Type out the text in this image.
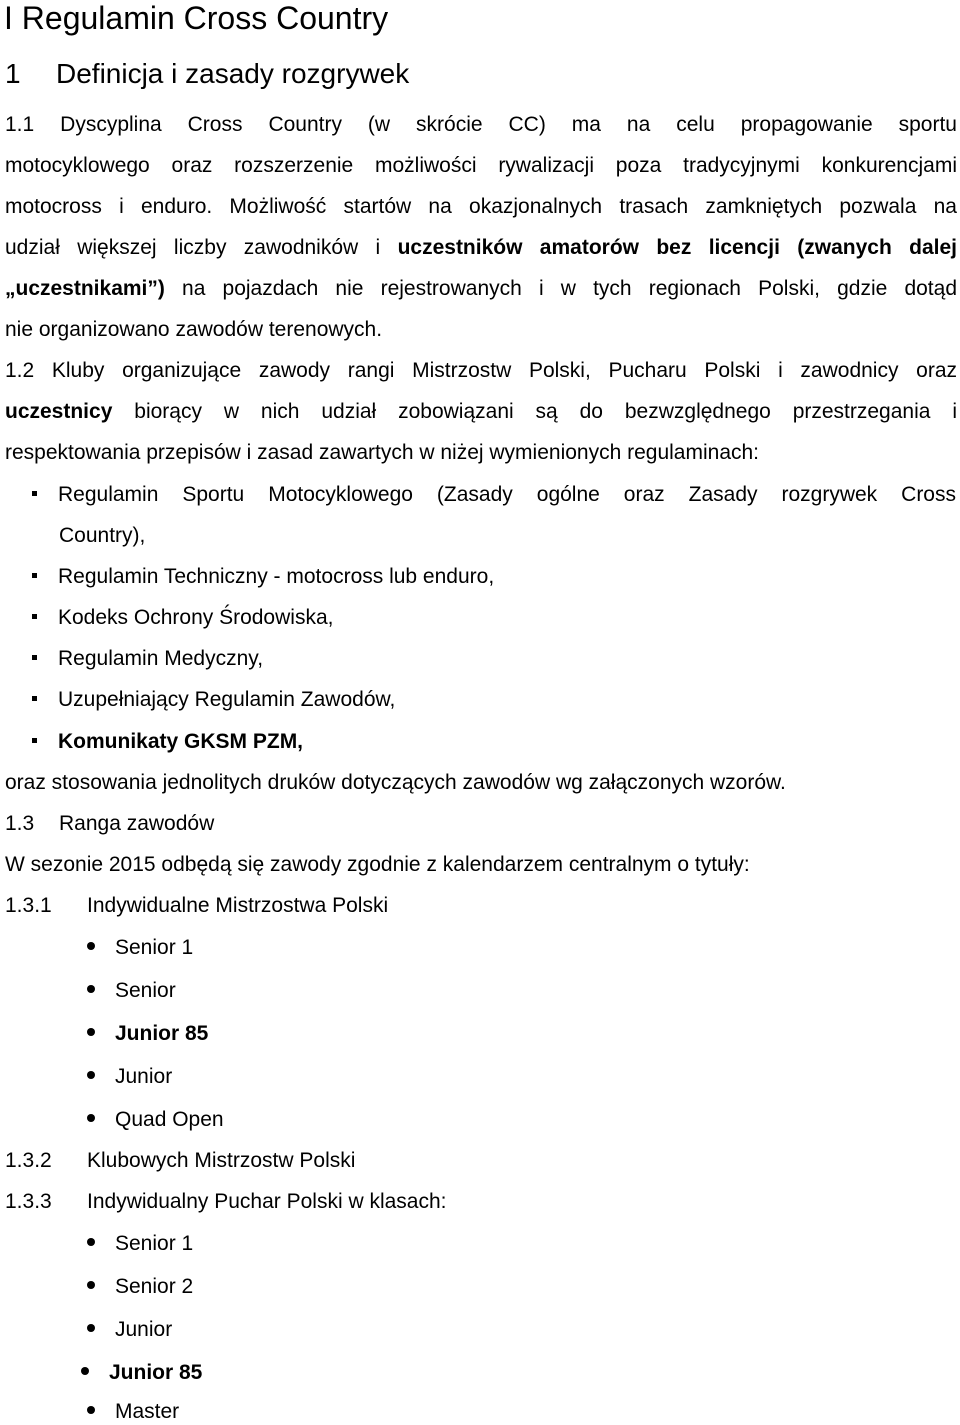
I Regulamin Cross Country
1 Definicja i zasady rozgrywek
1.1 Dyscyplina Cross Country (w skrócie CC) ma na celu propagowanie sportu
motocyklowego oraz rozszerzenie możliwości rywalizacji poza tradycyjnymi konkurencjami
motocross i enduro. Możliwość startów na okazjonalnych trasach zamkniętych pozwala na
udział większej liczby zawodników i uczestników amatorów bez licencji (zwanych dalej
„uczestnikami”) na pojazdach nie rejestrowanych i w tych regionach Polski, gdzie dotąd
nie organizowano zawodów terenowych.
1.2 Kluby organizujące zawody rangi Mistrzostw Polski, Pucharu Polski i zawodnicy oraz
uczestnicy biorący w nich udział zobowiązani są do bezwzględnego przestrzegania i
respektowania przepisów i zasad zawartych w niżej wymienionych regulaminach:
Regulamin Sportu Motocyklowego (Zasady ogólne oraz Zasady rozgrywek Cross
Country),
Regulamin Techniczny - motocross lub enduro,
Kodeks Ochrony Środowiska,
Regulamin Medyczny,
Uzupełniający Regulamin Zawodów,
Komunikaty GKSM PZM,
oraz stosowania jednolitych druków dotyczących zawodów wg załączonych wzorów.
1.3 Ranga zawodów
W sezonie 2015 odbędą się zawody zgodnie z kalendarzem centralnym o tytuły:
1.3.1 Indywidualne Mistrzostwa Polski
Senior 1
Senior
Junior 85
Junior
Quad Open
1.3.2 Klubowych Mistrzostw Polski
1.3.3 Indywidualny Puchar Polski w klasach:
Senior 1
Senior 2
Junior
Junior 85
Master
